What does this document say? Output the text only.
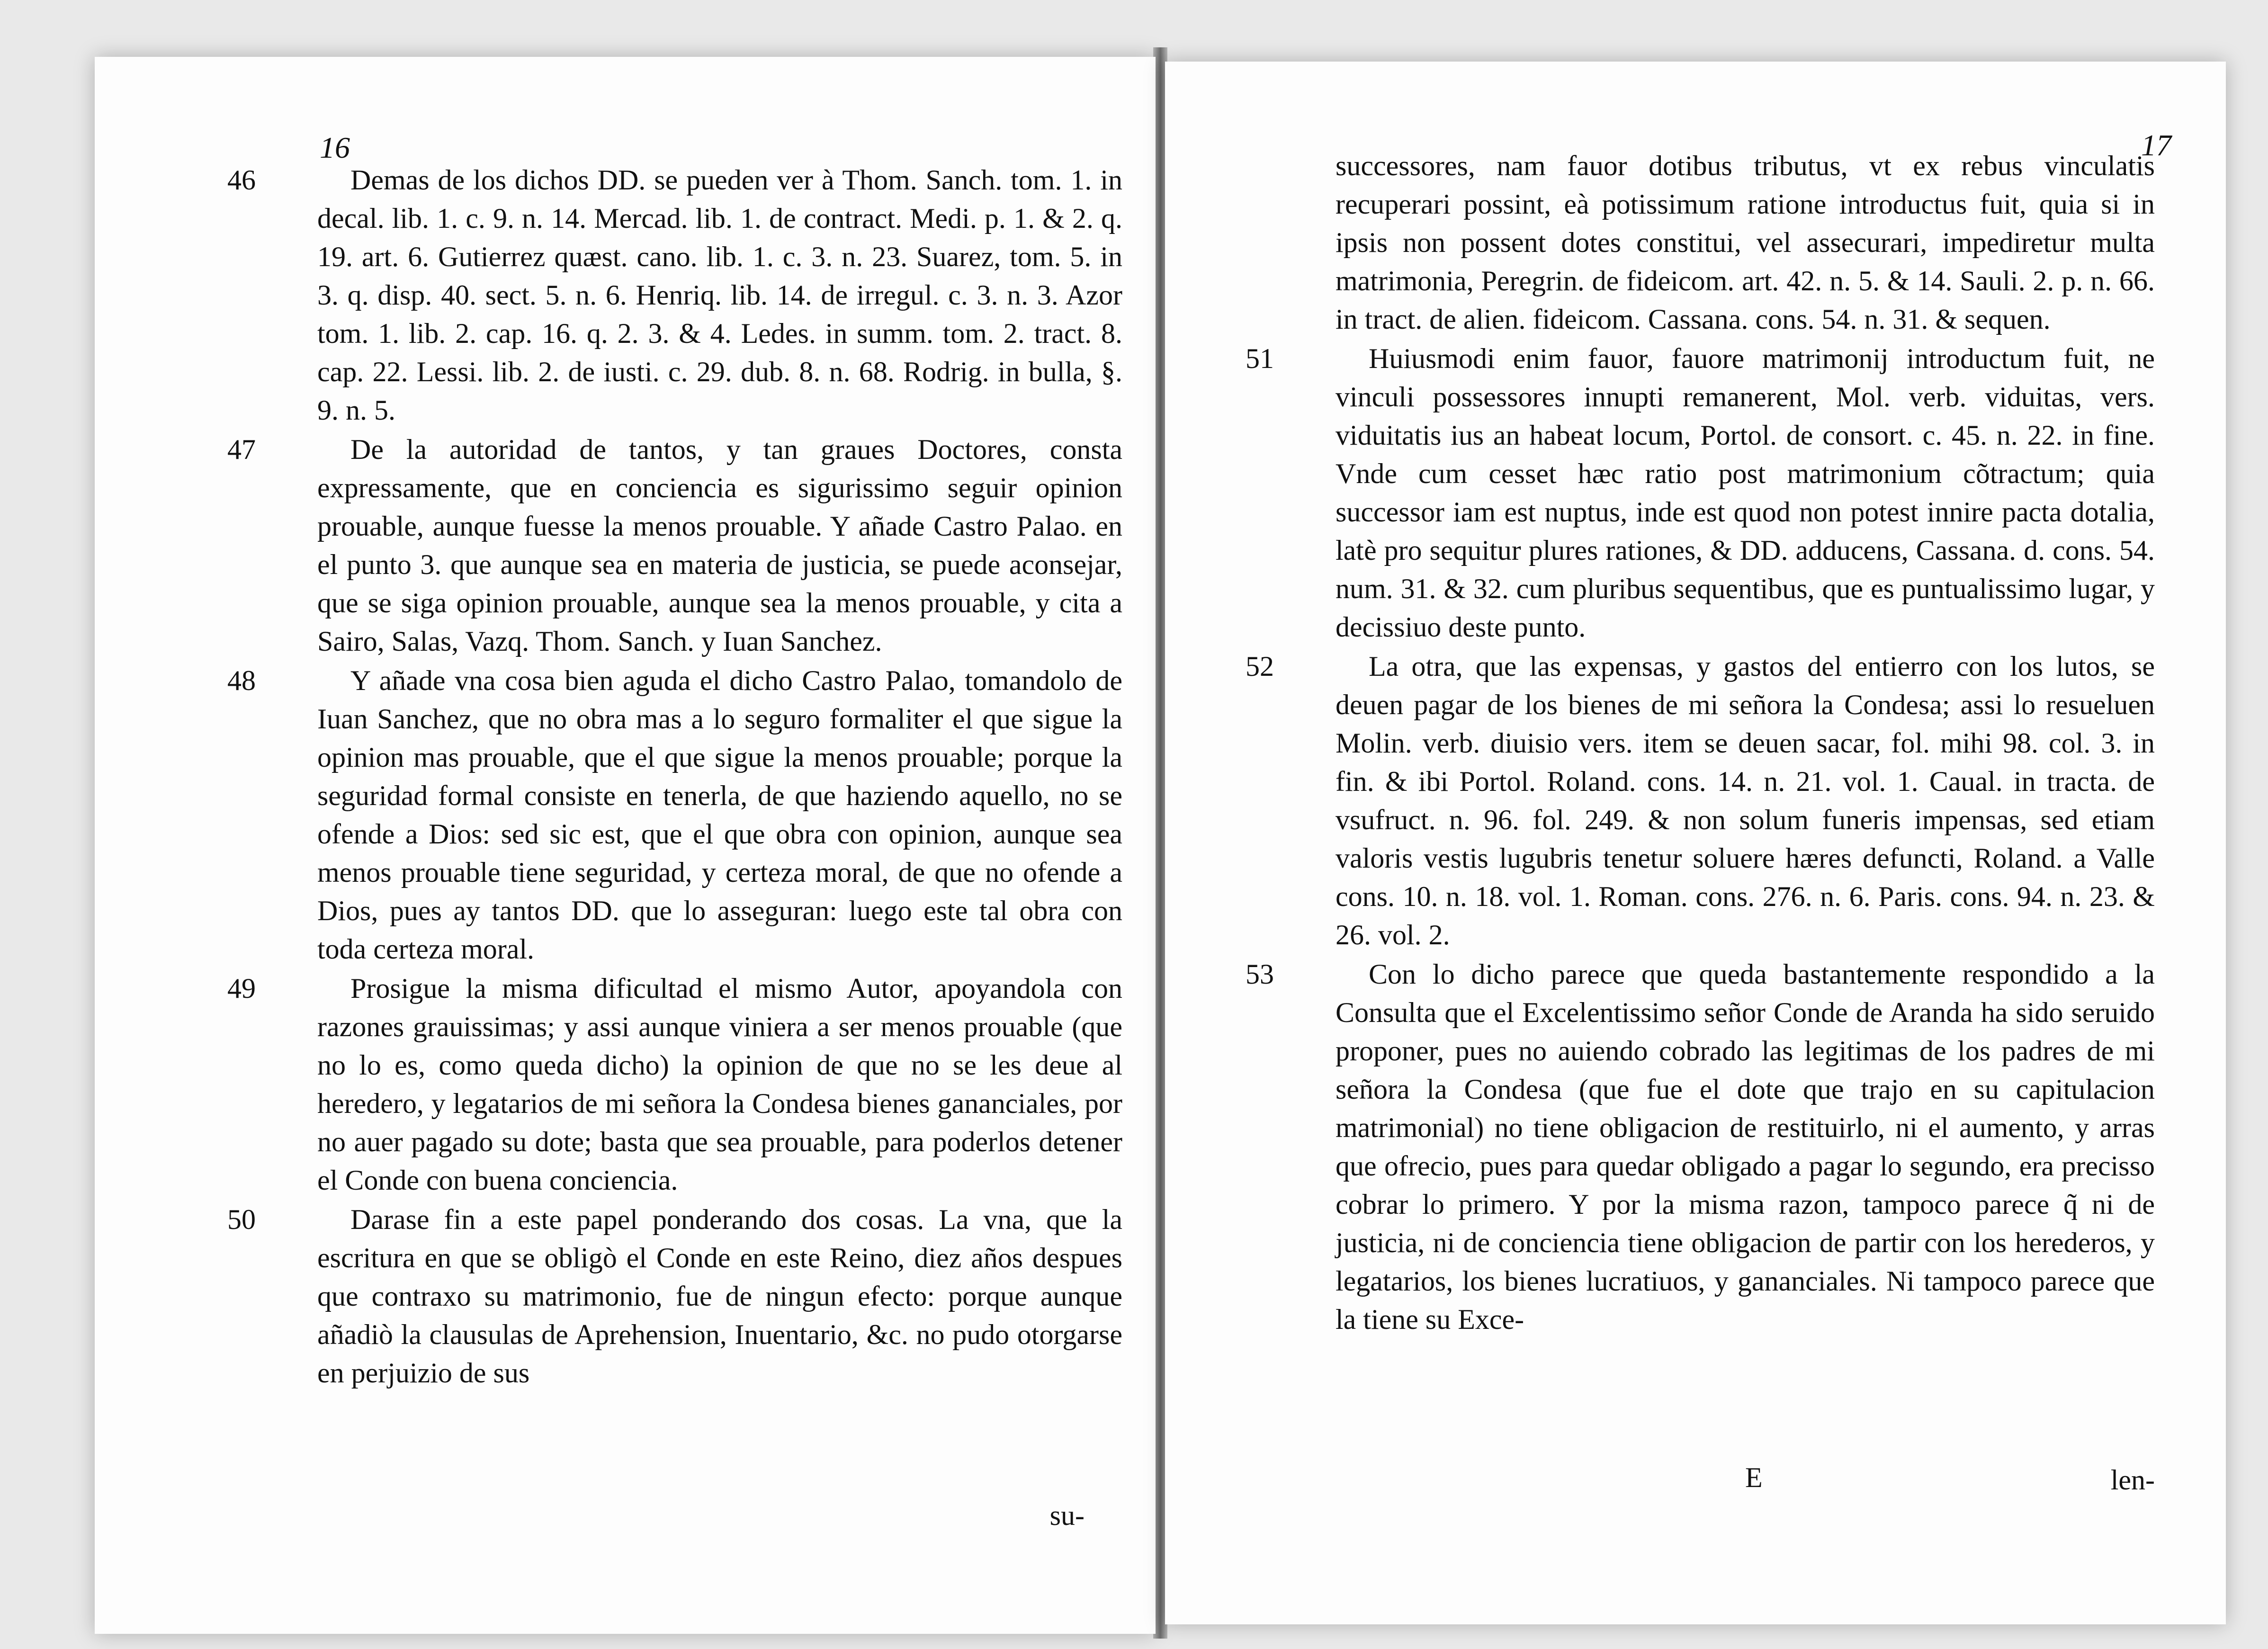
16

46	Demas de los dichos DD. se pueden ver à Thom. Sanch. tom. 1. in decal. lib. 1. c. 9. n. 14. Mercad. lib. 1. de contract. Medi. p. 1. & 2. q. 19. art. 6. Gutierrez quæst. cano. lib. 1. c. 3. n. 23. Suarez, tom. 5. in 3. q. disp. 40. sect. 5. n. 6. Henriq. lib. 14. de irregul. c. 3. n. 3. Azor tom. 1. lib. 2. cap. 16. q. 2. 3. & 4. Ledes. in summ. tom. 2. tract. 8. cap. 22. Lessi. lib. 2. de iusti. c. 29. dub. 8. n. 68. Rodrig. in bulla, §. 9. n. 5.

47	De la autoridad de tantos, y tan graues Doctores, consta expressamente, que en conciencia es sigurissimo seguir opinion prouable, aunque fuesse la menos prouable. Y añade Castro Palao. en el punto 3. que aunque sea en materia de justicia, se puede aconsejar, que se siga opinion prouable, aunque sea la menos prouable, y cita a Sairo, Salas, Vazq. Thom. Sanch. y Iuan Sanchez.

48	Y añade vna cosa bien aguda el dicho Castro Palao, tomandolo de Iuan Sanchez, que no obra mas a lo seguro formaliter el que sigue la opinion mas prouable, que el que sigue la menos prouable; porque la seguridad formal consiste en tenerla, de que haziendo aquello, no se ofende a Dios: sed sic est, que el que obra con opinion, aunque sea menos prouable tiene seguridad, y certeza moral, de que no ofende a Dios, pues ay tantos DD. que lo asseguran: luego este tal obra con toda certeza moral.

49	Prosigue la misma dificultad el mismo Autor, apoyandola con razones grauissimas; y assi aunque viniera a ser menos prouable (que no lo es, como queda dicho) la opinion de que no se les deue al heredero, y legatarios de mi señora la Condesa bienes gananciales, por no auer pagado su dote; basta que sea prouable, para poderlos detener el Conde con buena conciencia.

50	Darase fin a este papel ponderando dos cosas. La vna, que la escritura en que se obligò el Conde en este Reino, diez años despues que contraxo su matrimonio, fue de ningun efecto: porque aunque añadiò la clausulas de Aprehension, Inuentario, &c. no pudo otorgarse en perjuizio de sus

su-
17

successores, nam fauor dotibus tributus, vt ex rebus vinculatis recuperari possint, eà potissimum ratione introductus fuit, quia si in ipsis non possent dotes constitui, vel assecurari, impediretur multa matrimonia, Peregrin. de fideicom. art. 42. n. 5. & 14. Sauli. 2. p. n. 66. in tract. de alien. fideicom. Cassana. cons. 54. n. 31. & sequen.

51	Huiusmodi enim fauor, fauore matrimonij introductum fuit, ne vinculi possessores innupti remanerent, Mol. verb. viduitas, vers. viduitatis ius an habeat locum, Portol. de consort. c. 45. n. 22. in fine. Vnde cum cesset hæc ratio post matrimonium cõtractum; quia successor iam est nuptus, inde est quod non potest innire pacta dotalia, latè pro sequitur plures rationes, & DD. adducens, Cassana. d. cons. 54. num. 31. & 32. cum pluribus sequentibus, que es puntualissimo lugar, y decissiuo deste punto.

52	La otra, que las expensas, y gastos del entierro con los lutos, se deuen pagar de los bienes de mi señora la Condesa; assi lo resueluen Molin. verb. diuisio vers. item se deuen sacar, fol. mihi 98. col. 3. in fin. & ibi Portol. Roland. cons. 14. n. 21. vol. 1. Caual. in tracta. de vsufruct. n. 96. fol. 249. & non solum funeris impensas, sed etiam valoris vestis lugubris tenetur soluere hæres defuncti, Roland. a Valle cons. 10. n. 18. vol. 1. Roman. cons. 276. n. 6. Paris. cons. 94. n. 23. & 26. vol. 2.

53	Con lo dicho parece que queda bastantemente respondido a la Consulta que el Excelentissimo señor Conde de Aranda ha sido seruido proponer, pues no auiendo cobrado las legitimas de los padres de mi señora la Condesa (que fue el dote que trajo en su capitulacion matrimonial) no tiene obligacion de restituirlo, ni el aumento, y arras que ofrecio, pues para quedar obligado a pagar lo segundo, era precisso cobrar lo primero. Y por la misma razon, tampoco parece q̃ ni de justicia, ni de conciencia tiene obligacion de partir con los herederos, y legatarios, los bienes lucratiuos, y gananciales. Ni tampoco parece que la tiene su Exce-

E	len-
